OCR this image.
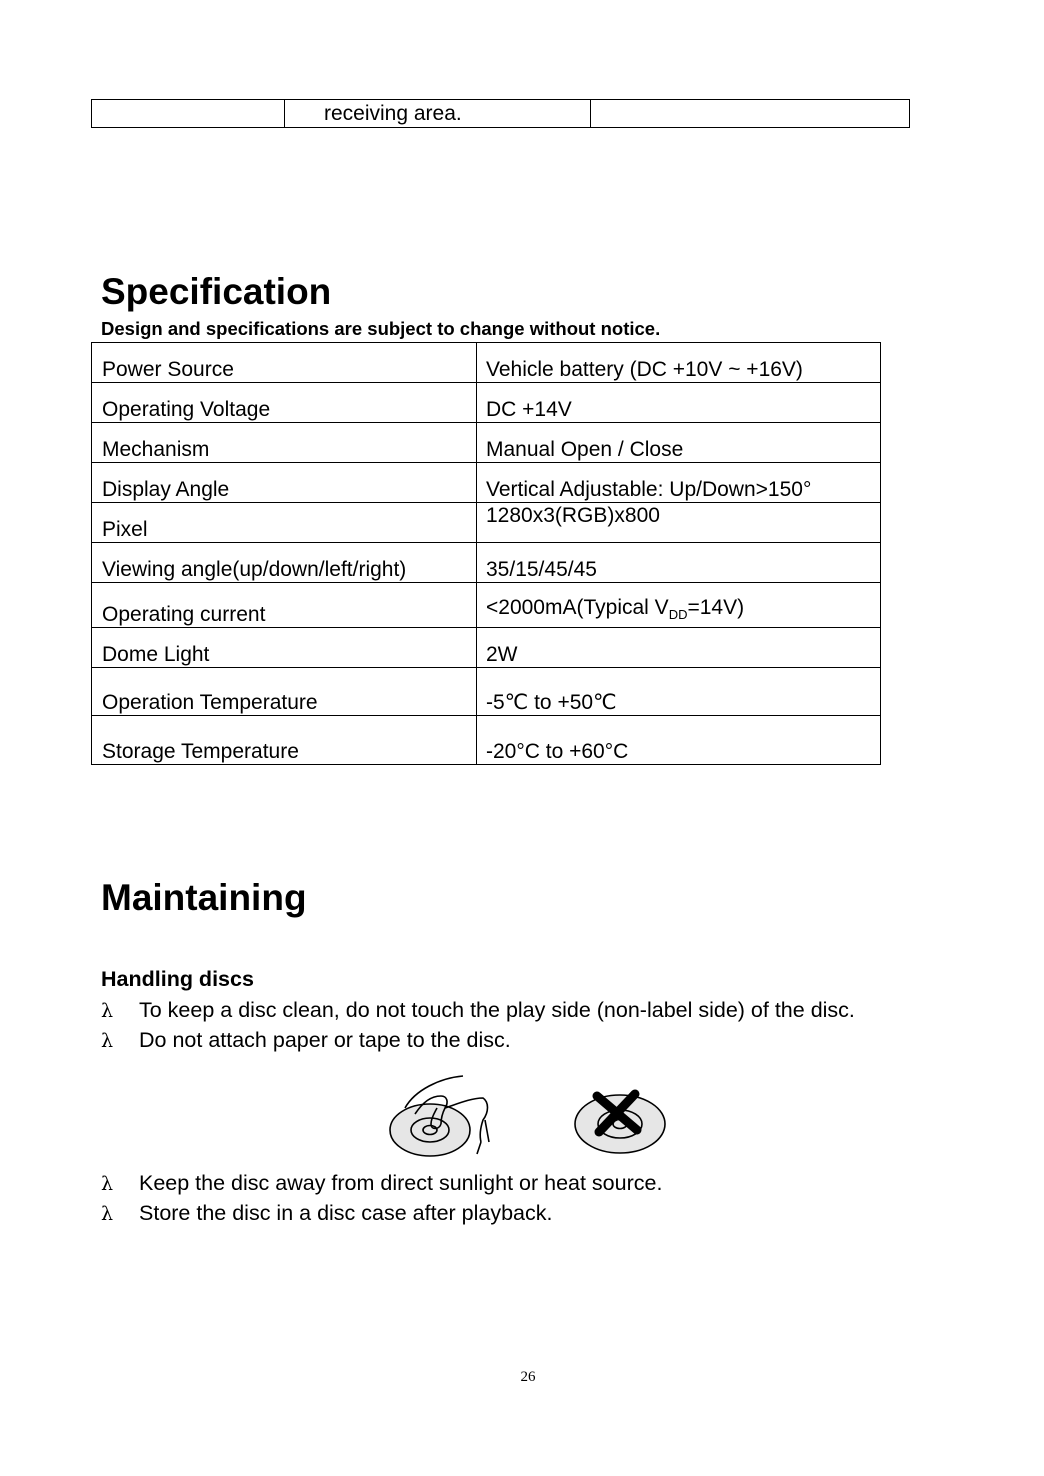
	receiving area.	
Specification

Design and specifications are subject to change without notice.

Power Source	Vehicle battery (DC +10V ~ +16V)
Operating Voltage	DC +14V
Mechanism	Manual Open / Close
Display Angle	Vertical Adjustable: Up/Down>150°
Pixel	1280x3(RGB)x800
Viewing angle(up/down/left/right)	35/15/45/45
Operating current	<2000mA(Typical $V_{DD}=14V$)
Dome Light	2W
Operation Temperature	-5℃ to +50℃
Storage Temperature	-20°C to +60°C
Maintaining

Handling discs

λ To keep a disc clean, do not touch the play side (non-label side) of the disc.
λ Do not attach paper or tape to the disc.
λ Keep the disc away from direct sunlight or heat source.
λ Store the disc in a disc case after playback.
26
